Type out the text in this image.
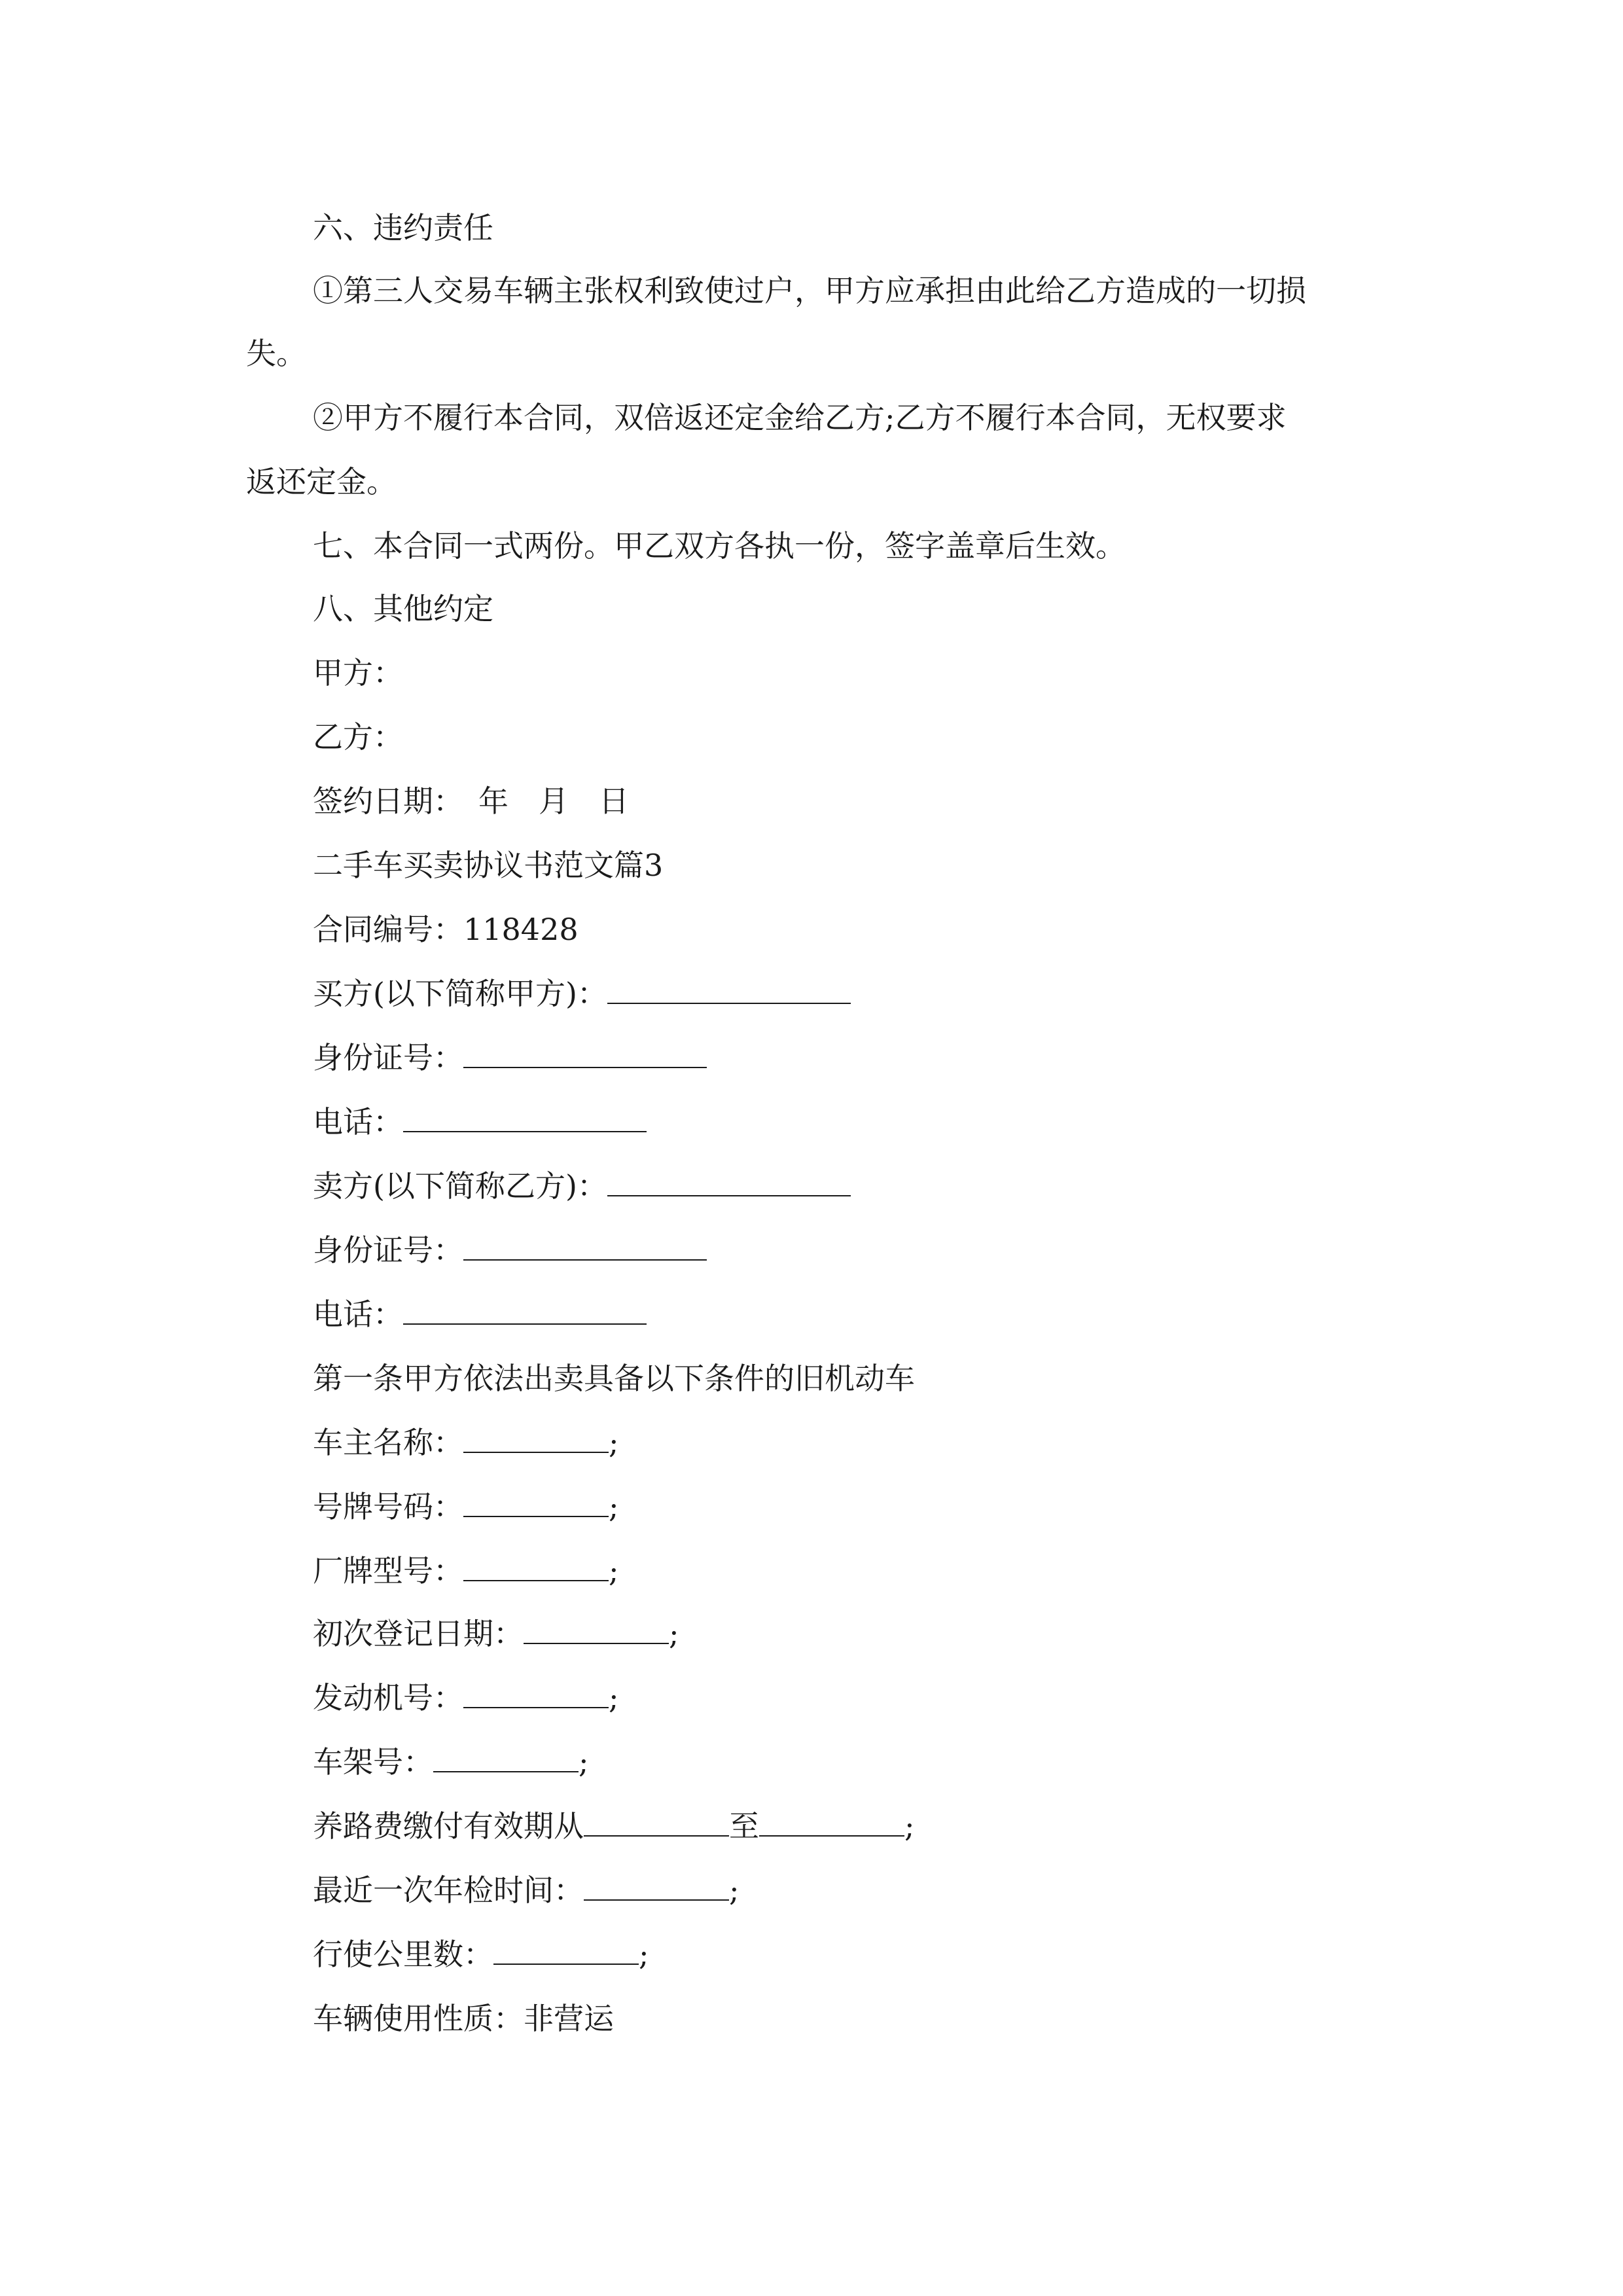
六、违约责任
①第三人交易车辆主张权利致使过户，甲方应承担由此给乙方造成的一切损
失。
②甲方不履行本合同，双倍返还定金给乙方;乙方不履行本合同，无权要求
返还定金。
七、本合同一式两份。甲乙双方各执一份，签字盖章后生效。
八、其他约定
甲方：
乙方：
签约日期：　年　月　日
二手车买卖协议书范文篇3
合同编号：118428
买方(以下简称甲方)：
身份证号：
电话：
卖方(以下简称乙方)：
身份证号：
电话：
第一条甲方依法出卖具备以下条件的旧机动车
车主名称：	;
号牌号码：	;
厂牌型号：	;
初次登记日期：	;
发动机号：	;
车架号：	;
养路费缴付有效期从	至	;
最近一次年检时间：	;
行使公里数：	;
车辆使用性质：非营运
